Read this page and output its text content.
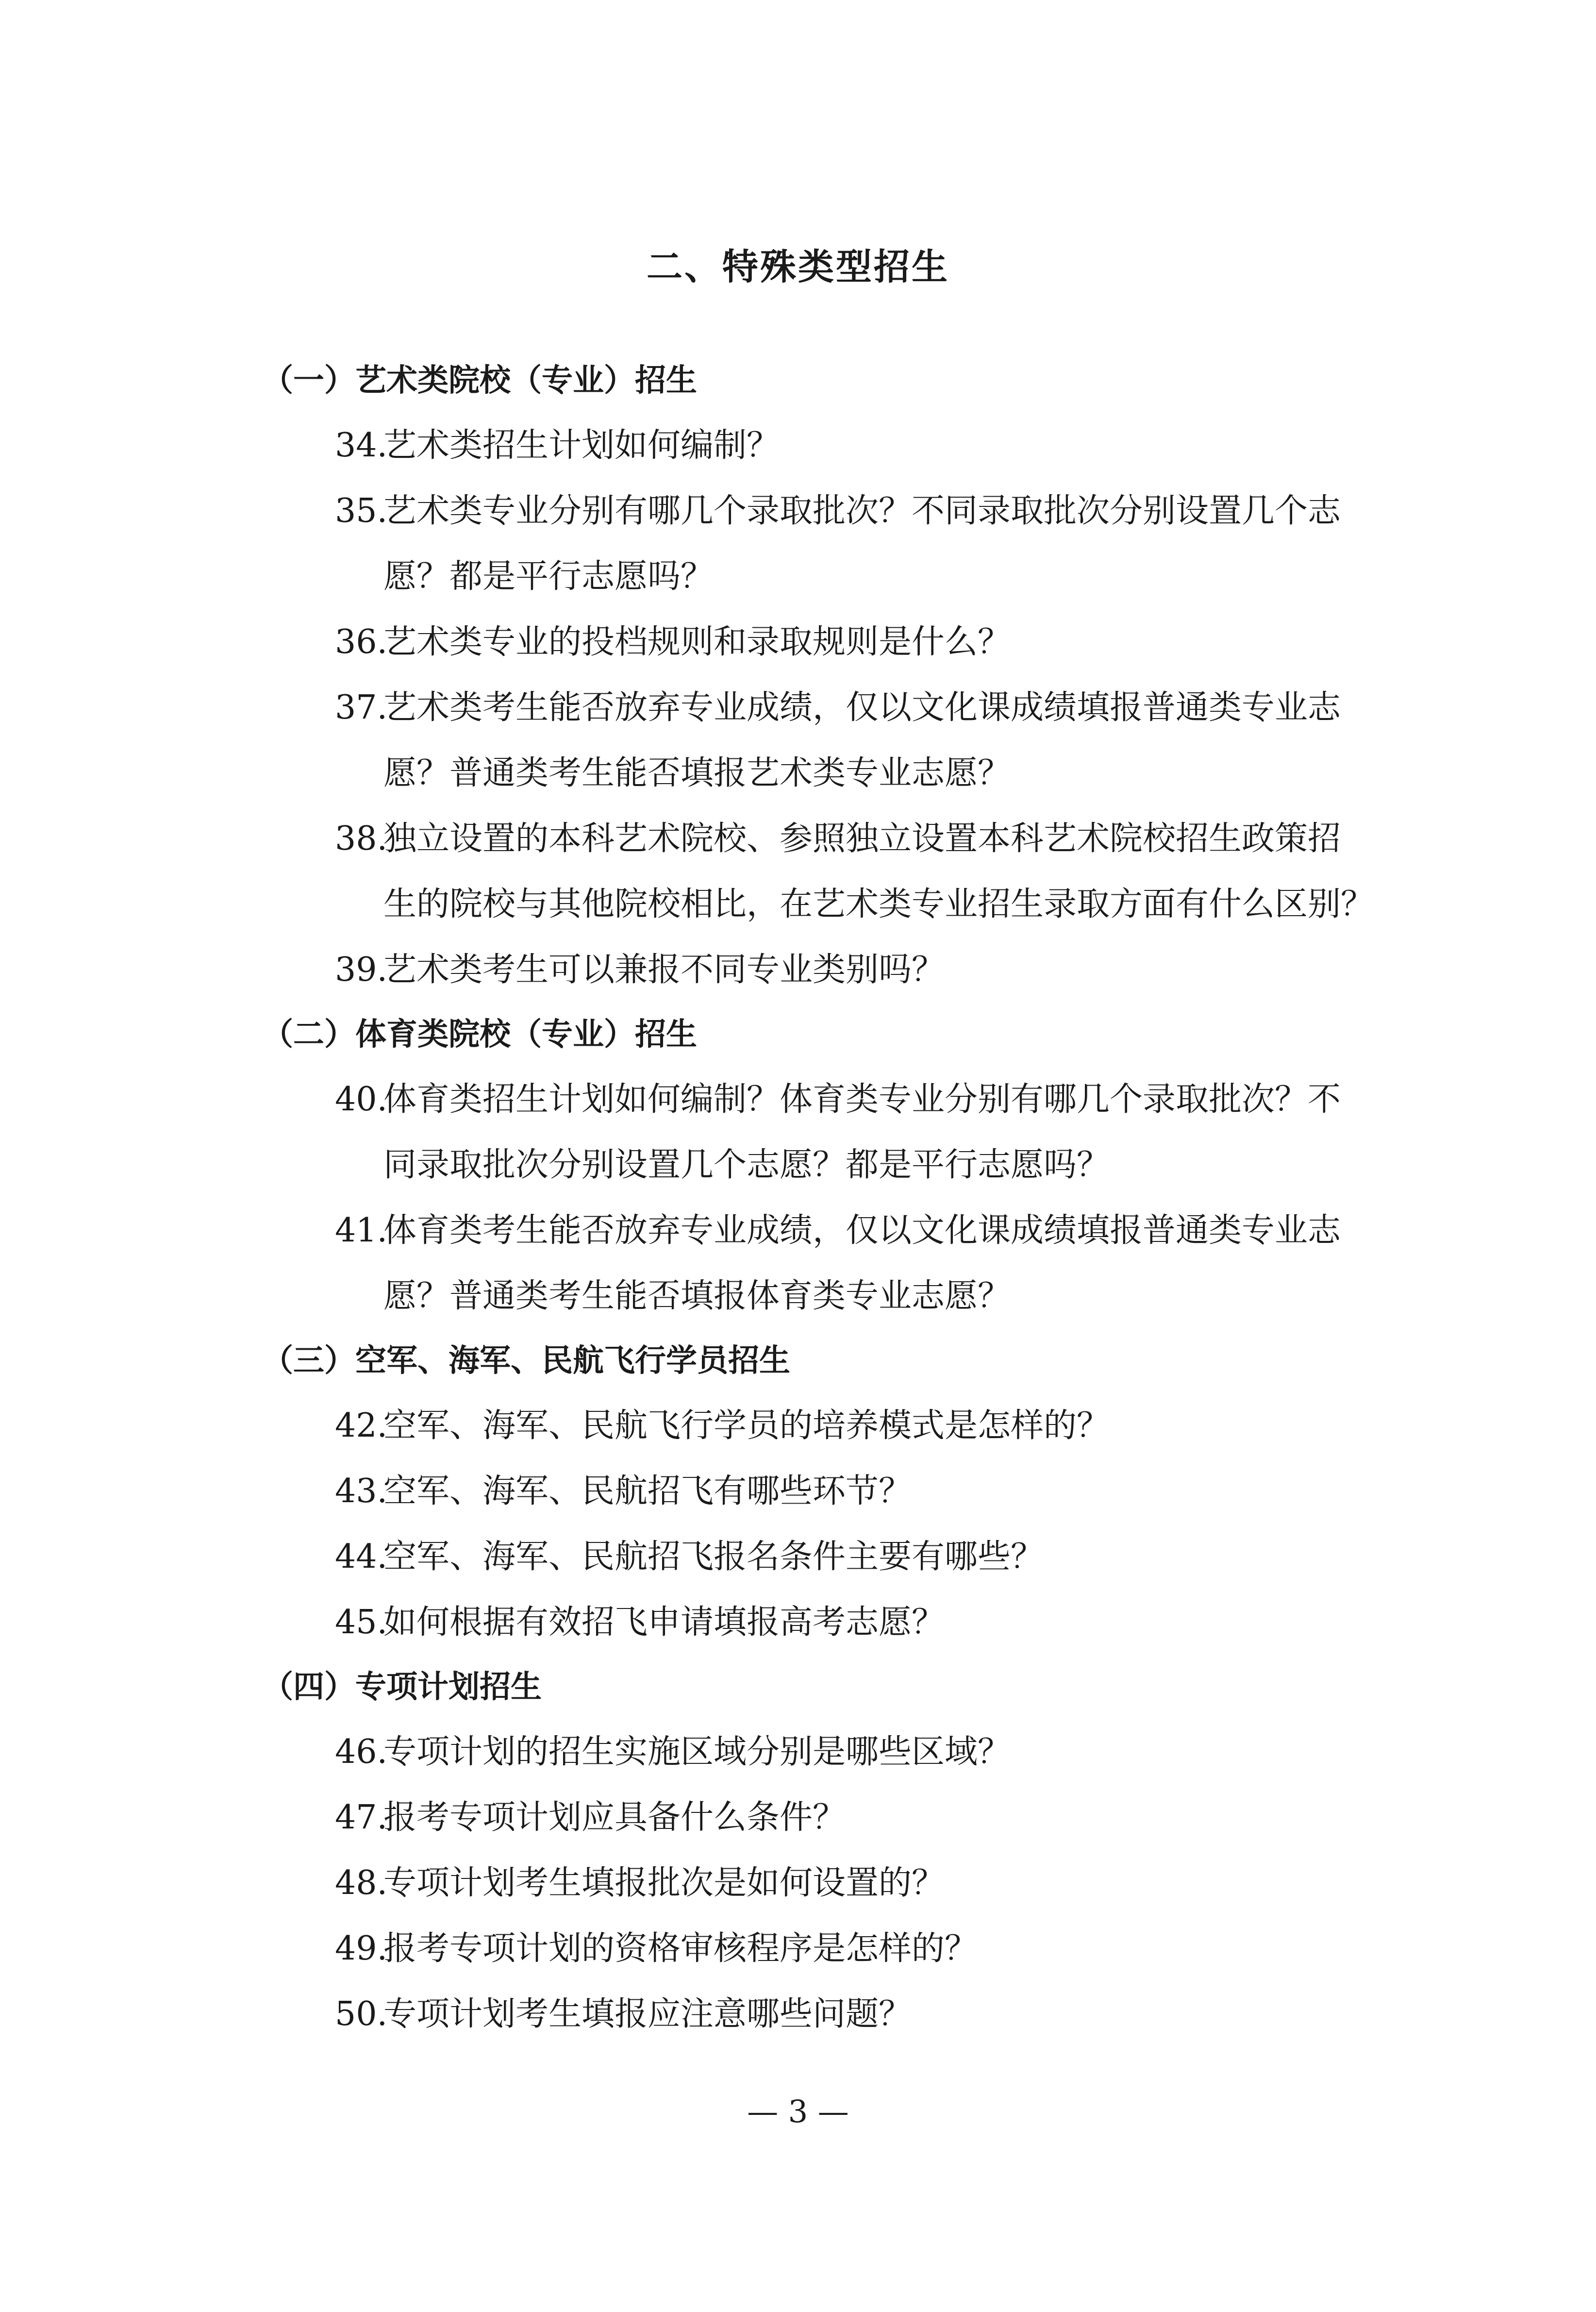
二、特殊类型招生
（一）艺术类院校（专业）招生
34.
艺术类招生计划如何编制？
35.
艺术类专业分别有哪几个录取批次？不同录取批次分别设置几个志
愿？都是平行志愿吗？
36.
艺术类专业的投档规则和录取规则是什么？
37.
艺术类考生能否放弃专业成绩，仅以文化课成绩填报普通类专业志
愿？普通类考生能否填报艺术类专业志愿？
38.
独立设置的本科艺术院校、参照独立设置本科艺术院校招生政策招
生的院校与其他院校相比，在艺术类专业招生录取方面有什么区别？
39.
艺术类考生可以兼报不同专业类别吗？
（二）体育类院校（专业）招生
40.
体育类招生计划如何编制？体育类专业分别有哪几个录取批次？不
同录取批次分别设置几个志愿？都是平行志愿吗？
41.
体育类考生能否放弃专业成绩，仅以文化课成绩填报普通类专业志
愿？普通类考生能否填报体育类专业志愿？
（三）空军、海军、民航飞行学员招生
42.
空军、海军、民航飞行学员的培养模式是怎样的？
43.
空军、海军、民航招飞有哪些环节？
44.
空军、海军、民航招飞报名条件主要有哪些？
45.
如何根据有效招飞申请填报高考志愿？
（四）专项计划招生
46.
专项计划的招生实施区域分别是哪些区域？
47.
报考专项计划应具备什么条件？
48.
专项计划考生填报批次是如何设置的？
49.
报考专项计划的资格审核程序是怎样的？
50.
专项计划考生填报应注意哪些问题？
— 3 —
